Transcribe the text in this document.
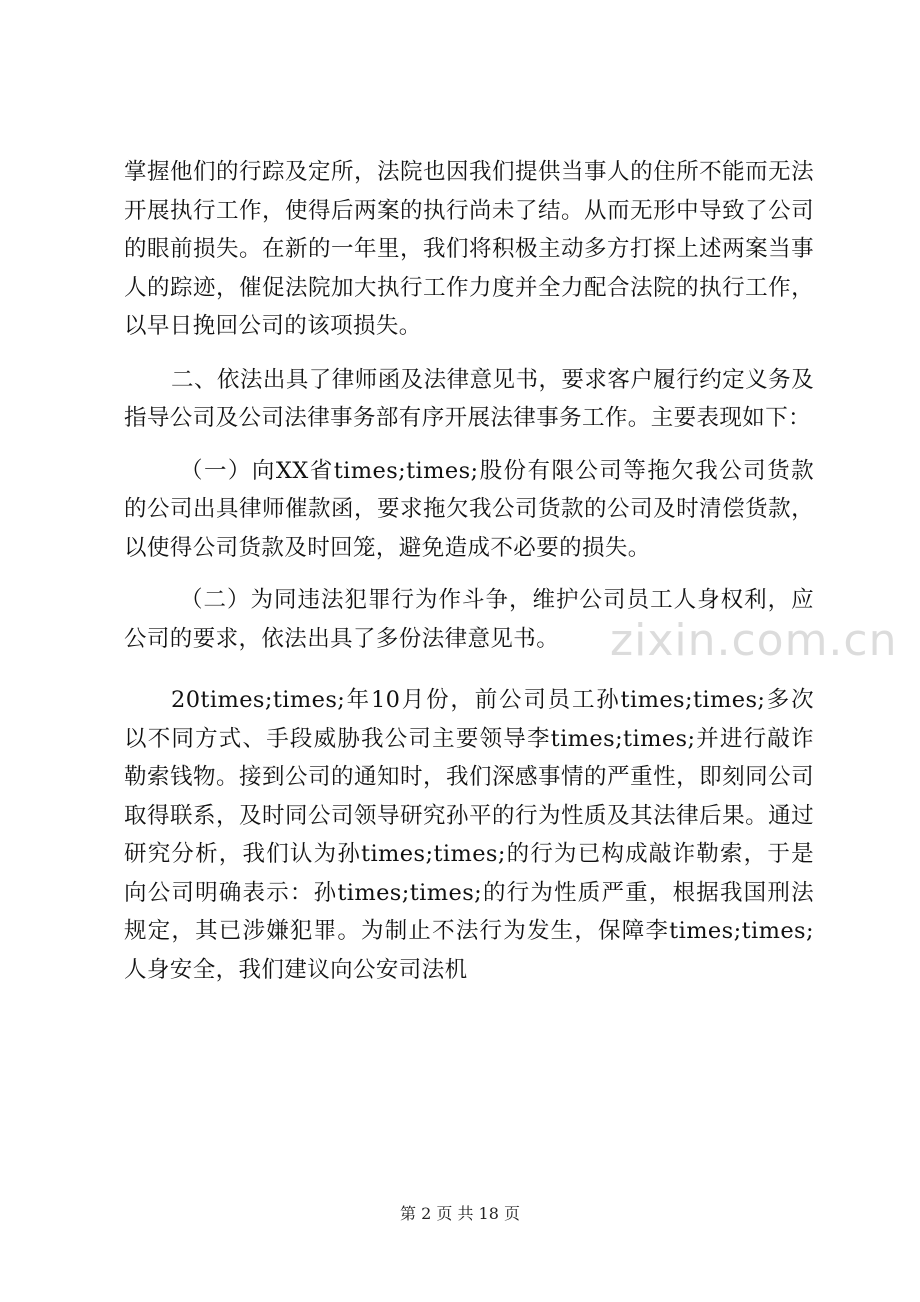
zixin.com.cn

掌握他们的行踪及定所，法院也因我们提供当事人的住所不能而无法开展执行工作，使得后两案的执行尚未了结。从而无形中导致了公司的眼前损失。在新的一年里，我们将积极主动多方打探上述两案当事人的踪迹，催促法院加大执行工作力度并全力配合法院的执行工作，以早日挽回公司的该项损失。

二、依法出具了律师函及法律意见书，要求客户履行约定义务及指导公司及公司法律事务部有序开展法律事务工作。主要表现如下：

（一）向XX省times;times;股份有限公司等拖欠我公司货款的公司出具律师催款函，要求拖欠我公司货款的公司及时清偿货款，以使得公司货款及时回笼，避免造成不必要的损失。

（二）为同违法犯罪行为作斗争，维护公司员工人身权利，应公司的要求，依法出具了多份法律意见书。

20times;times;年10月份，前公司员工孙times;times;多次以不同方式、手段威胁我公司主要领导李times;times;并进行敲诈勒索钱物。接到公司的通知时，我们深感事情的严重性，即刻同公司取得联系，及时同公司领导研究孙平的行为性质及其法律后果。通过研究分析，我们认为孙times;times;的行为已构成敲诈勒索，于是向公司明确表示：孙times;times;的行为性质严重，根据我国刑法规定，其已涉嫌犯罪。为制止不法行为发生，保障李times;times;人身安全，我们建议向公安司法机

第 2 页 共 18 页
